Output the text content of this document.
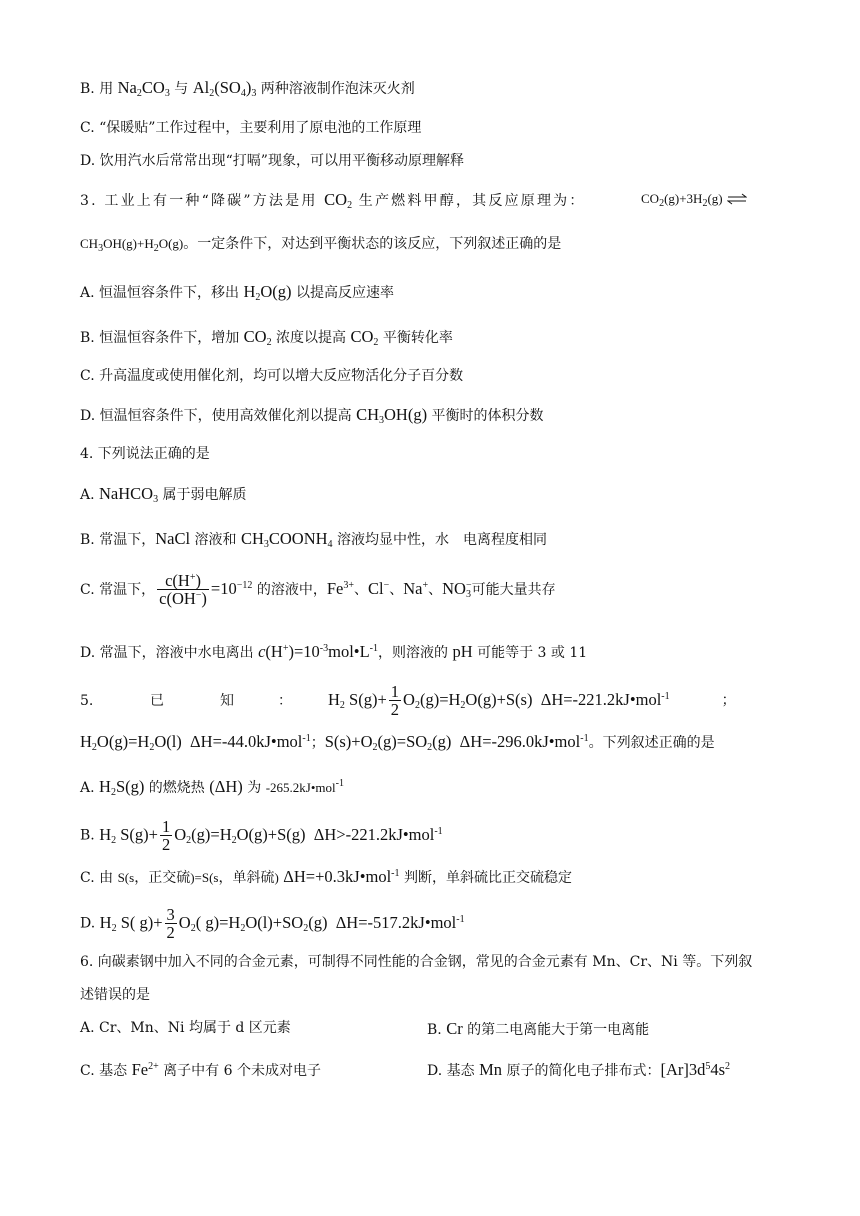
B. 用 $Na_2CO_3$ 与 $Al_2(SO_4)_3$ 两种溶液制作泡沫灭火剂
C. “保暖贴”工作过程中，主要利用了原电池的工作原理
D. 饮用汽水后常常出现“打嗝”现象，可以用平衡移动原理解释
3. 工业上有一种“降碳”方法是用 $CO_2$ 生产燃料甲醇，其反应原理为：	$CO_2(g)+3H_2(g)$ ⇌
$CH_3OH(g)+H_2O(g)$。一定条件下，对达到平衡状态的该反应，下列叙述正确的是
A. 恒温恒容条件下，移出 $H_2O(g)$ 以提高反应速率
B. 恒温恒容条件下，增加 $CO_2$ 浓度以提高 $CO_2$ 平衡转化率
C. 升高温度或使用催化剂，均可以增大反应物活化分子百分数
D. 恒温恒容条件下，使用高效催化剂以提高 $CH_3OH(g)$ 平衡时的体积分数
4. 下列说法正确的是
A. NaHCO$_3$ 属于弱电解质
B. 常温下，NaCl 溶液和 $CH_3COONH_4$ 溶液均显中性，水　电离程度相同
C. 常温下， $\frac{c(H^+)}{c(OH^-)} =10^{-12}$ 的溶液中，$Fe^{3+}$、Cl−、Na+、$NO_3^-$可能大量共存
D. 常温下，溶液中水电离出 $c(H^+)=10^{-3}mol•L^{-1}$，则溶液的 pH 可能等于 3 或 11
5.	已	知	： $H_2$ $S(g)+ \frac{1}{2} O_2(g)=H_2O(g)+S(s)$  ΔH=-221.2kJ•mol$^{-1}$	；
$H_2O(g)=H_2O(l)$  ΔH=-44.0kJ•mol$^{-1}$；$S(s)+O_2(g)=SO_2(g)$  ΔH=-296.0kJ•mol$^{-1}$。下列叙述正确的是
A. $H_2S(g)$ 的燃烧热 (ΔH) 为 -265.2kJ•mol$^{-1}$
B. $H_2$ $S(g)+ \frac{1}{2} O_2(g)=H_2O(g)+S(g)$  ΔH>-221.2kJ•mol$^{-1}$
C. 由 S(s，正交硫)=S(s，单斜硫) ΔH=+0.3kJ•mol$^{-1}$ 判断，单斜硫比正交硫稳定
D. $H_2$ S( $g)+ \frac{3}{2} O_2$( $g)=H_2O(l)+SO_2(g)$  ΔH=-517.2kJ•mol$^{-1}$
6. 向碳素钢中加入不同的合金元素，可制得不同性能的合金钢，常见的合金元素有 Mn、Cr、Ni 等。下列叙
述错误的是
A. Cr、Mn、Ni 均属于 d 区元素	B. Cr 的第二电离能大于第一电离能
C. 基态 $Fe^{2+}$ 离子中有 6 个未成对电子	D. 基态 Mn 原子的简化电子排布式：$[Ar]3d^54s^2$
